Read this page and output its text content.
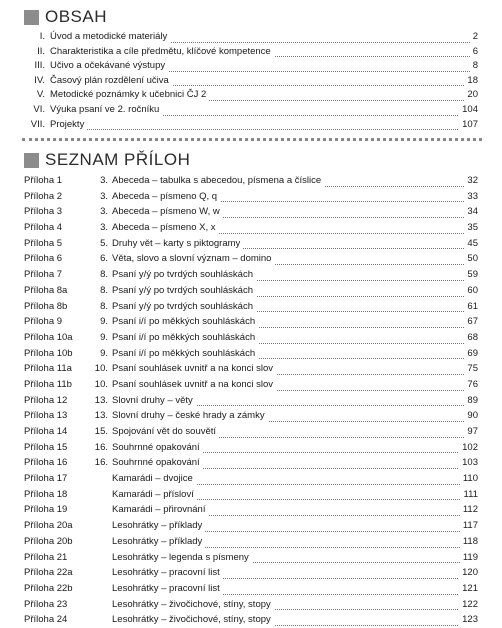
OBSAH
I. Úvod a metodické materiály	2
II. Charakteristika a cíle předmětu, klíčové kompetence	6
III. Učivo a očekávané výstupy	8
IV. Časový plán rozdělení učiva	18
V. Metodické poznámky k učebnici ČJ 2	20
VI. Výuka psaní ve 2. ročníku	104
VII. Projekty	107
SEZNAM PŘÍLOH
Příloha 1	3. Abeceda – tabulka s abecedou, písmena a číslice	32
Příloha 2	3. Abeceda – písmeno Q, q	33
Příloha 3	3. Abeceda – písmeno W, w	34
Příloha 4	3. Abeceda – písmeno X, x	35
Příloha 5	5. Druhy vět – karty s piktogramy	45
Příloha 6	6. Věta, slovo a slovní význam – domino	50
Příloha 7	8. Psaní y/ý po tvrdých souhláskách	59
Příloha 8a	8. Psaní y/ý po tvrdých souhláskách	60
Příloha 8b	8. Psaní y/ý po tvrdých souhláskách	61
Příloha 9	9. Psaní i/í po měkkých souhláskách	67
Příloha 10a	9. Psaní i/í po měkkých souhláskách	68
Příloha 10b	9. Psaní i/í po měkkých souhláskách	69
Příloha 11a 10. Psaní souhlásek uvnitř a na konci slov	75
Příloha 11b 10. Psaní souhlásek uvnitř a na konci slov	76
Příloha 12	13. Slovní druhy – věty	89
Příloha 13	13. Slovní druhy – české hrady a zámky	90
Příloha 14	15. Spojování vět do souvětí	97
Příloha 15	16. Souhrnné opakování	102
Příloha 16	16. Souhrnné opakování	103
Příloha 17	Kamarádi – dvojice	110
Příloha 18	Kamarádi – přísloví	111
Příloha 19	Kamarádi – přirovnání	112
Příloha 20a	Lesohrátky – příklady	117
Příloha 20b	Lesohrátky – příklady	118
Příloha 21	Lesohrátky – legenda s písmeny	119
Příloha 22a	Lesohrátky – pracovní list	120
Příloha 22b	Lesohrátky – pracovní list	121
Příloha 23	Lesohrátky – živočichové, stíny, stopy	122
Příloha 24	Lesohrátky – živočichové, stíny, stopy	123
